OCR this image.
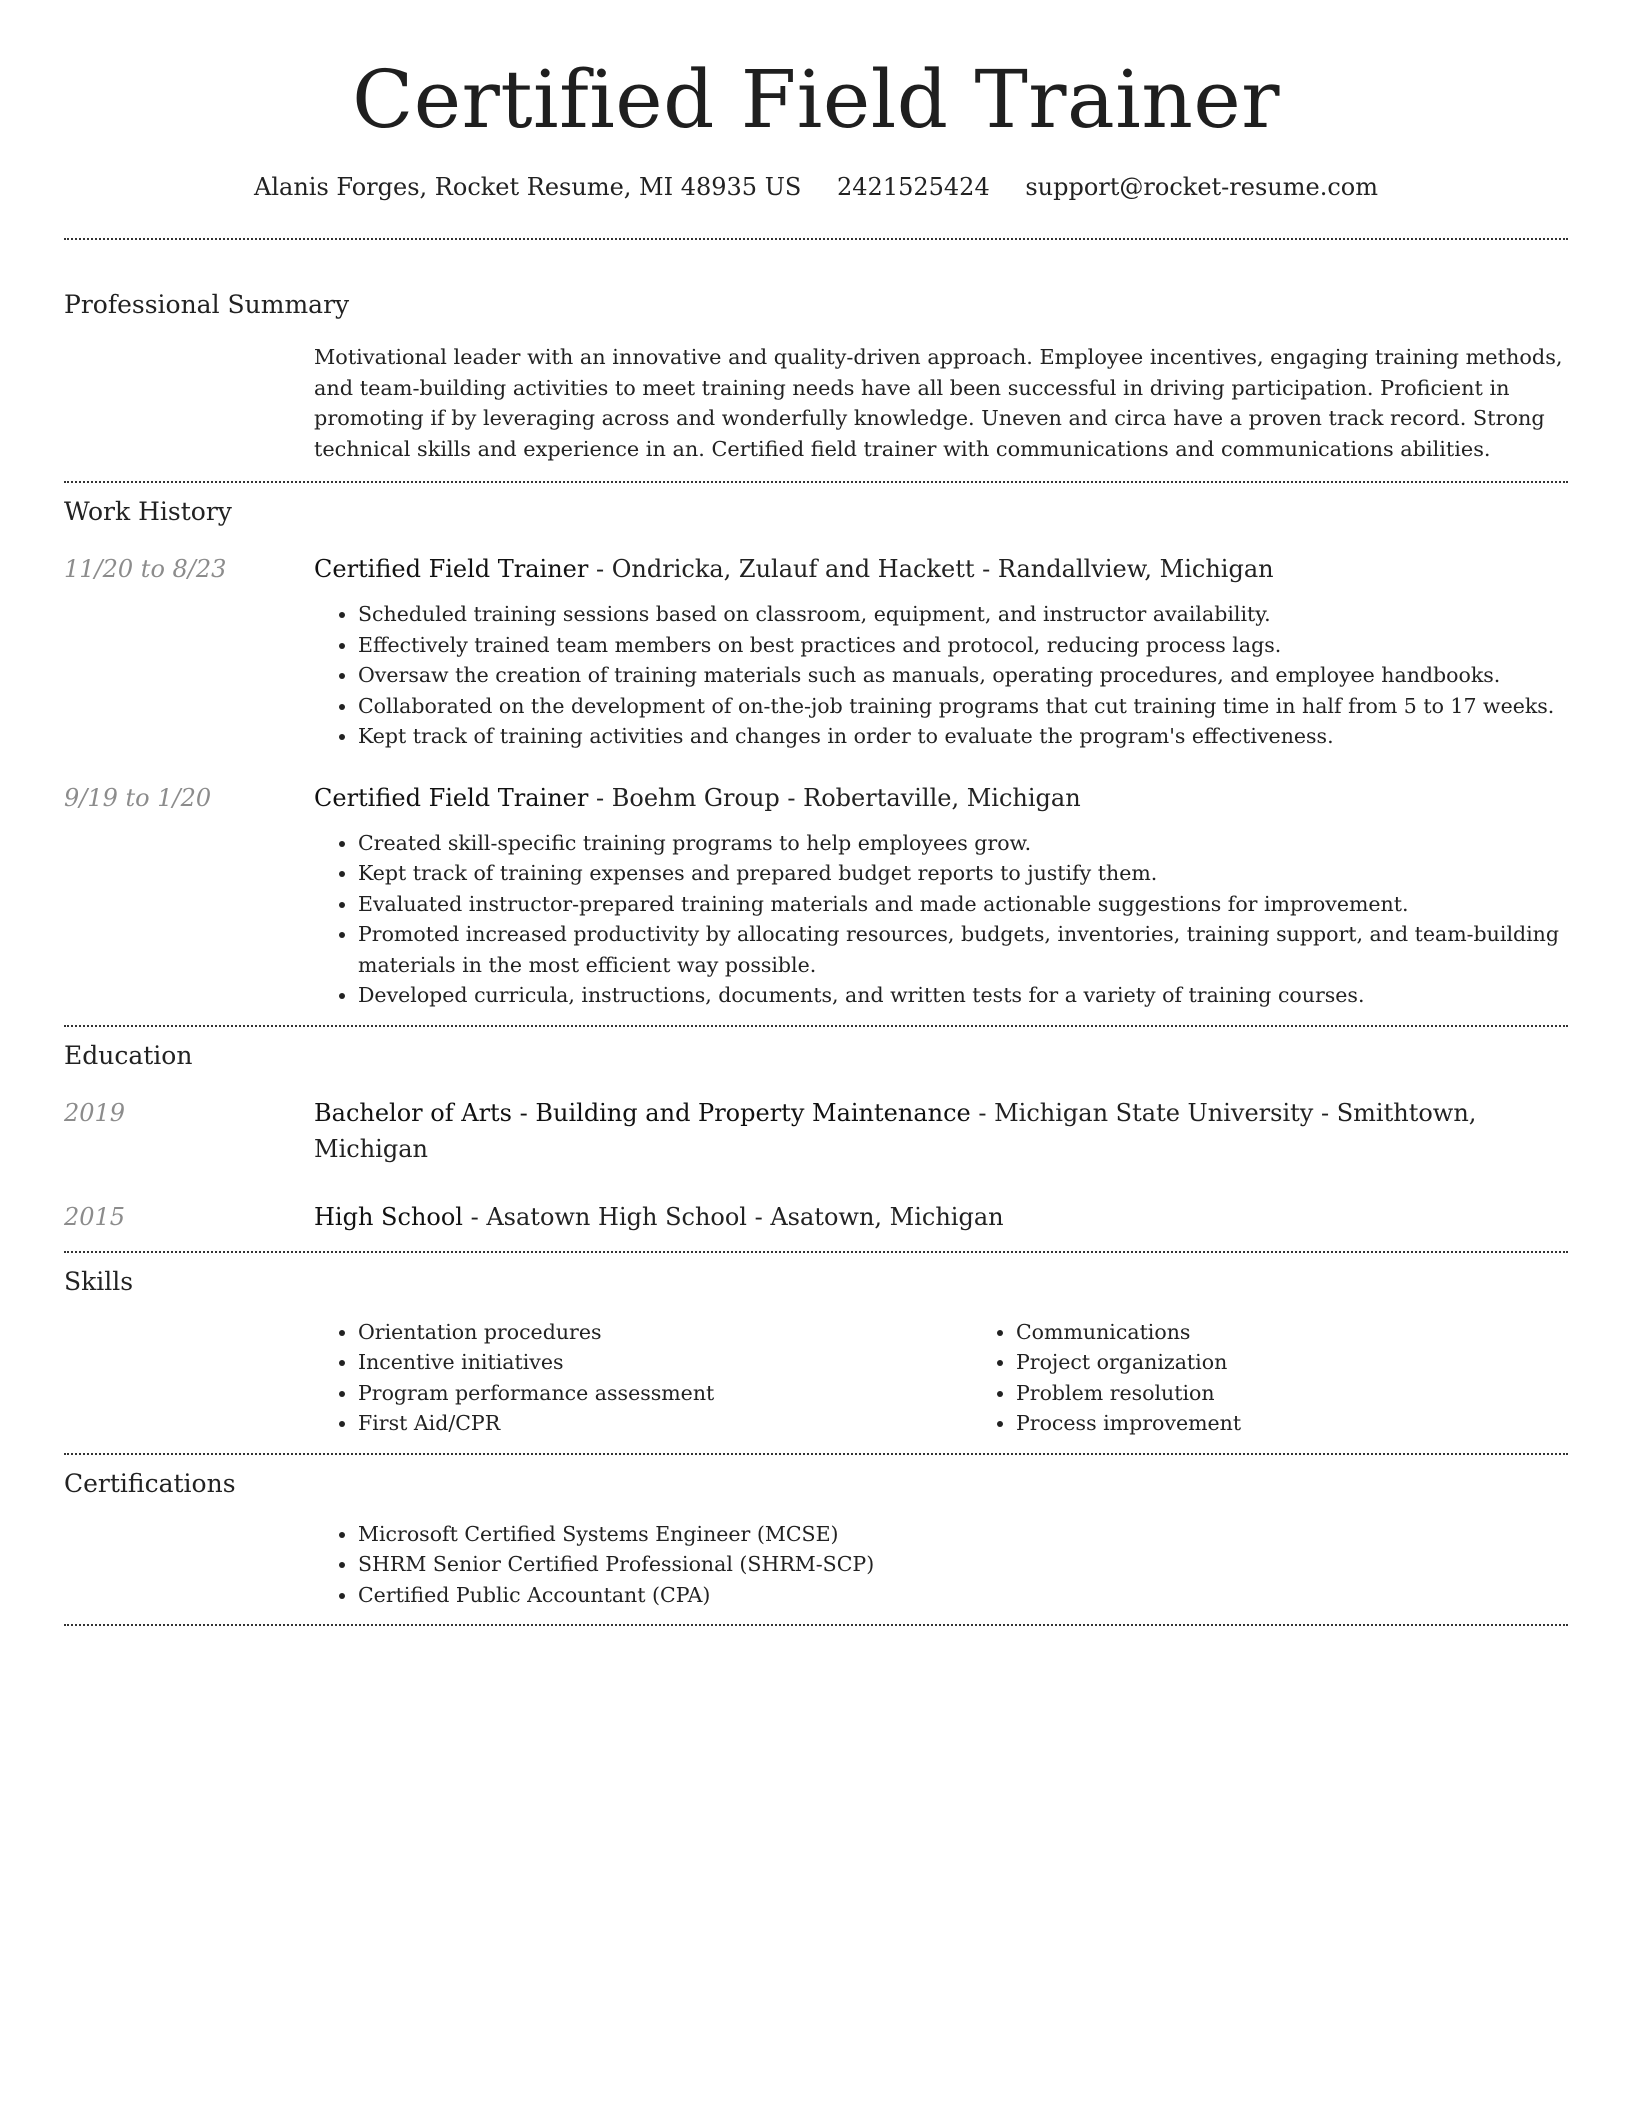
Certified Field Trainer
Alanis Forges, Rocket Resume, MI 48935 US 2421525424 support@rocket-resume.com
Professional Summary
Motivational leader with an innovative and quality-driven approach. Employee incentives, engaging training methods, and team-building activities to meet training needs have all been successful in driving participation. Proficient in promoting if by leveraging across and wonderfully knowledge. Uneven and circa have a proven track record. Strong technical skills and experience in an. Certified field trainer with communications and communications abilities.
Work History
11/20 to 8/23	Certified Field Trainer - Ondricka, Zulauf and Hackett - Randallview, Michigan
• Scheduled training sessions based on classroom, equipment, and instructor availability.
• Effectively trained team members on best practices and protocol, reducing process lags.
• Oversaw the creation of training materials such as manuals, operating procedures, and employee handbooks.
• Collaborated on the development of on-the-job training programs that cut training time in half from 5 to 17 weeks.
• Kept track of training activities and changes in order to evaluate the program's effectiveness.
9/19 to 1/20	Certified Field Trainer - Boehm Group - Robertaville, Michigan
• Created skill-specific training programs to help employees grow.
• Kept track of training expenses and prepared budget reports to justify them.
• Evaluated instructor-prepared training materials and made actionable suggestions for improvement.
• Promoted increased productivity by allocating resources, budgets, inventories, training support, and team-building materials in the most efficient way possible.
• Developed curricula, instructions, documents, and written tests for a variety of training courses.
Education
2019	Bachelor of Arts - Building and Property Maintenance - Michigan State University - Smithtown, Michigan
2015	High School - Asatown High School - Asatown, Michigan
Skills
• Orientation procedures
• Incentive initiatives
• Program performance assessment
• First Aid/CPR
• Communications
• Project organization
• Problem resolution
• Process improvement
Certifications
• Microsoft Certified Systems Engineer (MCSE)
• SHRM Senior Certified Professional (SHRM-SCP)
• Certified Public Accountant (CPA)
